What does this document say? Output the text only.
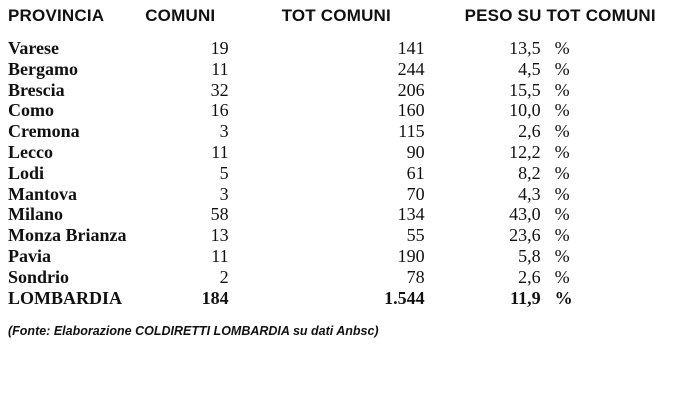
PROVINCIA	COMUNI	TOT COMUNI	PESO SU TOT COMUNI
Varese	19	141	13,5 %
Bergamo	11	244	4,5 %
Brescia	32	206	15,5 %
Como	16	160	10,0 %
Cremona	3	115	2,6 %
Lecco	11	90	12,2 %
Lodi	5	61	8,2 %
Mantova	3	70	4,3 %
Milano	58	134	43,0 %
Monza Brianza	13	55	23,6 %
Pavia	11	190	5,8 %
Sondrio	2	78	2,6 %
LOMBARDIA	184	1.544	11,9 %
(Fonte: Elaborazione COLDIRETTI LOMBARDIA su dati Anbsc)
